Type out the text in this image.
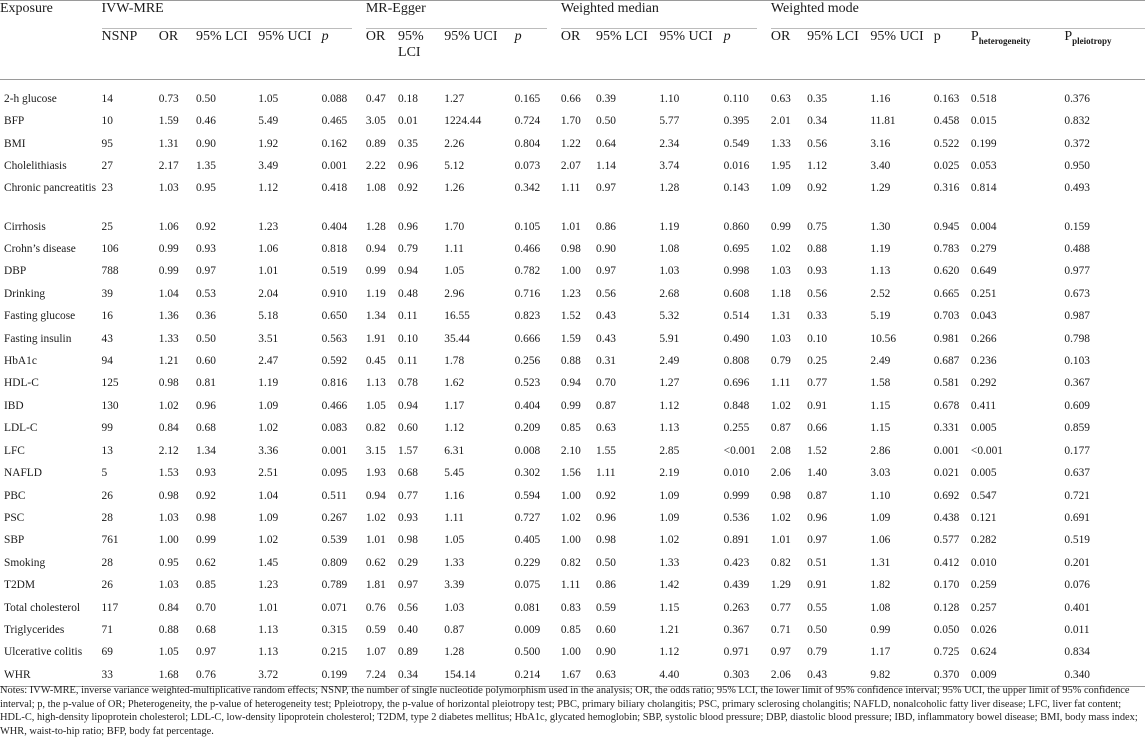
Exposure	IVW-MRE					MR-Egger				Weighted median				Weighted mode					

	NSNP	OR	95% LCI	95% UCI	p	OR	95% LCI	95% UCI	p	OR	95% LCI	95% UCI	p	OR	95% LCI	95% UCI	p	$P_{heterogeneity}$	$P_{pleiotropy}$
2-h glucose	14	0.73	0.50	1.05	0.088	0.47	0.18	1.27	0.165	0.66	0.39	1.10	0.110	0.63	0.35	1.16	0.163	0.518	0.376
BFP	10	1.59	0.46	5.49	0.465	3.05	0.01	1224.44	0.724	1.70	0.50	5.77	0.395	2.01	0.34	11.81	0.458	0.015	0.832
BMI	95	1.31	0.90	1.92	0.162	0.89	0.35	2.26	0.804	1.22	0.64	2.34	0.549	1.33	0.56	3.16	0.522	0.199	0.372
Cholelithiasis	27	2.17	1.35	3.49	0.001	2.22	0.96	5.12	0.073	2.07	1.14	3.74	0.016	1.95	1.12	3.40	0.025	0.053	0.950
Chronic pancreatitis	23	1.03	0.95	1.12	0.418	1.08	0.92	1.26	0.342	1.11	0.97	1.28	0.143	1.09	0.92	1.29	0.316	0.814	0.493
Cirrhosis	25	1.06	0.92	1.23	0.404	1.28	0.96	1.70	0.105	1.01	0.86	1.19	0.860	0.99	0.75	1.30	0.945	0.004	0.159
Crohn’s disease	106	0.99	0.93	1.06	0.818	0.94	0.79	1.11	0.466	0.98	0.90	1.08	0.695	1.02	0.88	1.19	0.783	0.279	0.488
DBP	788	0.99	0.97	1.01	0.519	0.99	0.94	1.05	0.782	1.00	0.97	1.03	0.998	1.03	0.93	1.13	0.620	0.649	0.977
Drinking	39	1.04	0.53	2.04	0.910	1.19	0.48	2.96	0.716	1.23	0.56	2.68	0.608	1.18	0.56	2.52	0.665	0.251	0.673
Fasting glucose	16	1.36	0.36	5.18	0.650	1.34	0.11	16.55	0.823	1.52	0.43	5.32	0.514	1.31	0.33	5.19	0.703	0.043	0.987
Fasting insulin	43	1.33	0.50	3.51	0.563	1.91	0.10	35.44	0.666	1.59	0.43	5.91	0.490	1.03	0.10	10.56	0.981	0.266	0.798
HbA1c	94	1.21	0.60	2.47	0.592	0.45	0.11	1.78	0.256	0.88	0.31	2.49	0.808	0.79	0.25	2.49	0.687	0.236	0.103
HDL-C	125	0.98	0.81	1.19	0.816	1.13	0.78	1.62	0.523	0.94	0.70	1.27	0.696	1.11	0.77	1.58	0.581	0.292	0.367
IBD	130	1.02	0.96	1.09	0.466	1.05	0.94	1.17	0.404	0.99	0.87	1.12	0.848	1.02	0.91	1.15	0.678	0.411	0.609
LDL-C	99	0.84	0.68	1.02	0.083	0.82	0.60	1.12	0.209	0.85	0.63	1.13	0.255	0.87	0.66	1.15	0.331	0.005	0.859
LFC	13	2.12	1.34	3.36	0.001	3.15	1.57	6.31	0.008	2.10	1.55	2.85	<0.001	2.08	1.52	2.86	0.001	<0.001	0.177
NAFLD	5	1.53	0.93	2.51	0.095	1.93	0.68	5.45	0.302	1.56	1.11	2.19	0.010	2.06	1.40	3.03	0.021	0.005	0.637
PBC	26	0.98	0.92	1.04	0.511	0.94	0.77	1.16	0.594	1.00	0.92	1.09	0.999	0.98	0.87	1.10	0.692	0.547	0.721
PSC	28	1.03	0.98	1.09	0.267	1.02	0.93	1.11	0.727	1.02	0.96	1.09	0.536	1.02	0.96	1.09	0.438	0.121	0.691
SBP	761	1.00	0.99	1.02	0.539	1.01	0.98	1.05	0.405	1.00	0.98	1.02	0.891	1.01	0.97	1.06	0.577	0.282	0.519
Smoking	28	0.95	0.62	1.45	0.809	0.62	0.29	1.33	0.229	0.82	0.50	1.33	0.423	0.82	0.51	1.31	0.412	0.010	0.201
T2DM	26	1.03	0.85	1.23	0.789	1.81	0.97	3.39	0.075	1.11	0.86	1.42	0.439	1.29	0.91	1.82	0.170	0.259	0.076
Total cholesterol	117	0.84	0.70	1.01	0.071	0.76	0.56	1.03	0.081	0.83	0.59	1.15	0.263	0.77	0.55	1.08	0.128	0.257	0.401
Triglycerides	71	0.88	0.68	1.13	0.315	0.59	0.40	0.87	0.009	0.85	0.60	1.21	0.367	0.71	0.50	0.99	0.050	0.026	0.011
Ulcerative colitis	69	1.05	0.97	1.13	0.215	1.07	0.89	1.28	0.500	1.00	0.90	1.12	0.971	0.97	0.79	1.17	0.725	0.624	0.834
WHR	33	1.68	0.76	3.72	0.199	7.24	0.34	154.14	0.214	1.67	0.63	4.40	0.303	2.06	0.43	9.82	0.370	0.009	0.340
Notes: IVW-MRE, inverse variance weighted-multiplicative random effects; NSNP, the number of single nucleotide polymorphism used in the analysis; OR, the odds ratio; 95% LCI, the lower limit of 95% confidence interval; 95% UCI, the upper limit of 95% confidence interval; p, the p-value of OR; Pheterogeneity, the p-value of heterogeneity test; Ppleiotropy, the p-value of horizontal pleiotropy test; PBC, primary biliary cholangitis; PSC, primary sclerosing cholangitis; NAFLD, nonalcoholic fatty liver disease; LFC, liver fat content; HDL-C, high-density lipoprotein cholesterol; LDL-C, low-density lipoprotein cholesterol; T2DM, type 2 diabetes mellitus; HbA1c, glycated hemoglobin; SBP, systolic blood pressure; DBP, diastolic blood pressure; IBD, inflammatory bowel disease; BMI, body mass index; WHR, waist-to-hip ratio; BFP, body fat percentage.
